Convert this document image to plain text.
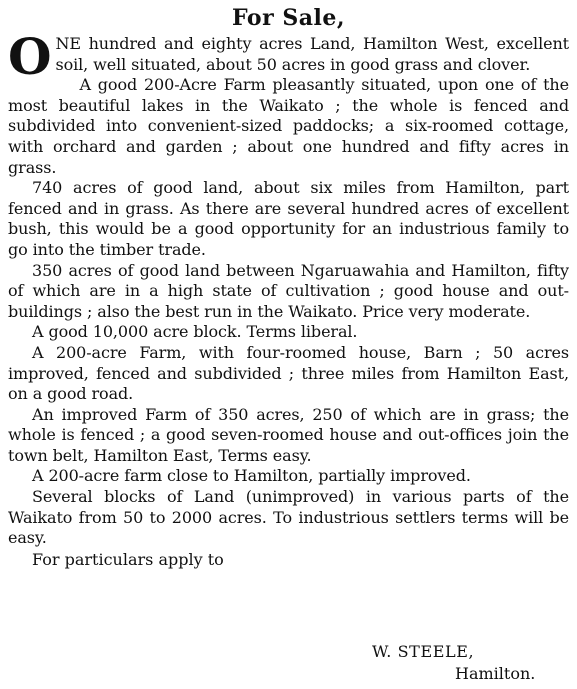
For Sale,

ONE hundred and eighty acres Land, Hamilton West, excellent soil, well situated, about 50 acres in good grass and clover.

A good 200-Acre Farm pleasantly situated, upon one of the most beautiful lakes in the Waikato ; the whole is fenced and subdivided into convenient-sized paddocks; a six-roomed cottage, with orchard and garden ; about one hundred and fifty acres in grass.

740 acres of good land, about six miles from Hamilton, part fenced and in grass. As there are several hundred acres of excellent bush, this would be a good opportunity for an industrious family to go into the timber trade.

350 acres of good land between Ngaruawahia and Hamilton, fifty of which are in a high state of cultivation ; good house and out-buildings ; also the best run in the Waikato. Price very moderate.

A good 10,000 acre block. Terms liberal.

A 200-acre Farm, with four-roomed house, Barn ; 50 acres improved, fenced and subdivided ; three miles from Hamilton East, on a good road.

An improved Farm of 350 acres, 250 of which are in grass; the whole is fenced ; a good seven-roomed house and out-offices join the town belt, Hamilton East, Terms easy.

A 200-acre farm close to Hamilton, partially improved.

Several blocks of Land (unimproved) in various parts of the Waikato from 50 to 2000 acres. To industrious settlers terms will be easy.

For particulars apply to

W. STEELE,
Hamilton.
